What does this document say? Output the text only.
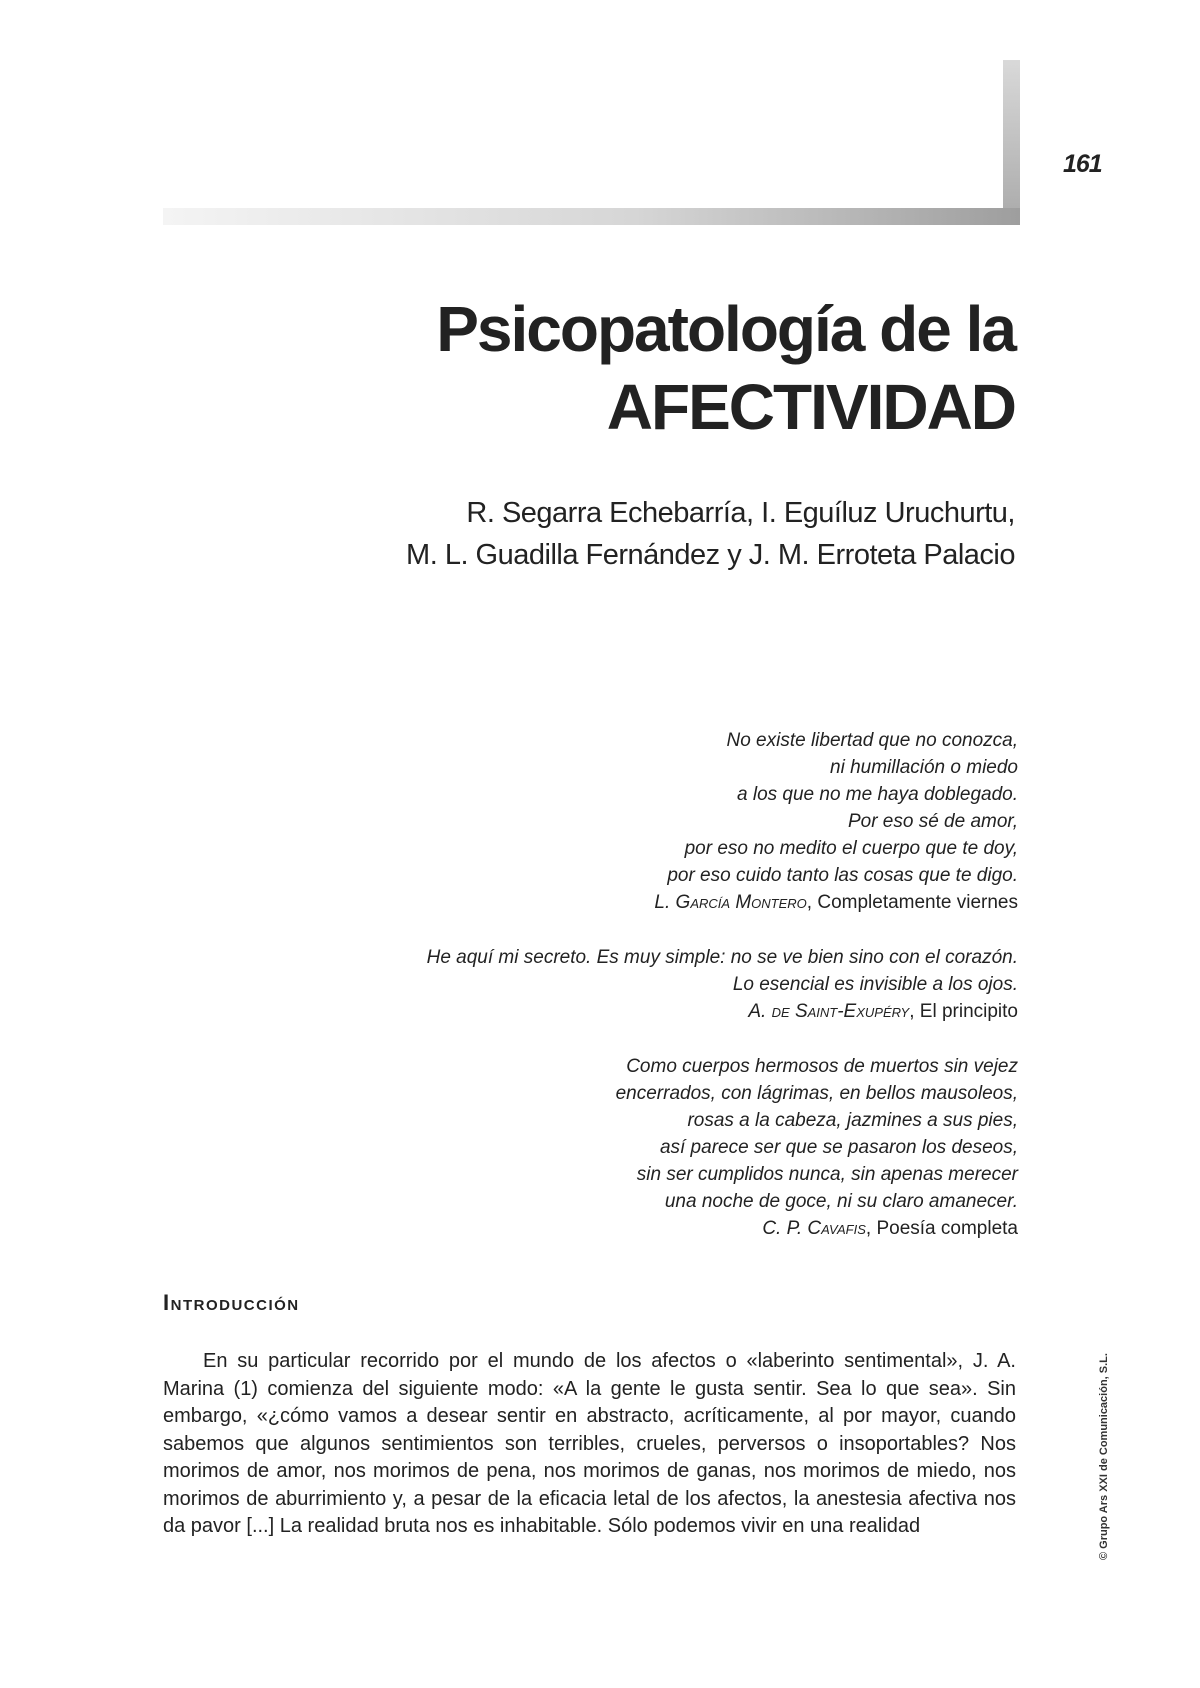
161
Psicopatología de la
AFECTIVIDAD
R. Segarra Echebarría, I. Eguíluz Uruchurtu,
M. L. Guadilla Fernández y J. M. Erroteta Palacio
No existe libertad que no conozca,
ni humillación o miedo
a los que no me haya doblegado.
Por eso sé de amor,
por eso no medito el cuerpo que te doy,
por eso cuido tanto las cosas que te digo.
L. García Montero, Completamente viernes
He aquí mi secreto. Es muy simple: no se ve bien sino con el corazón.
Lo esencial es invisible a los ojos.
A. de Saint-Exupéry, El principito
Como cuerpos hermosos de muertos sin vejez
encerrados, con lágrimas, en bellos mausoleos,
rosas a la cabeza, jazmines a sus pies,
así parece ser que se pasaron los deseos,
sin ser cumplidos nunca, sin apenas merecer
una noche de goce, ni su claro amanecer.
C. P. Cavafis, Poesía completa
Introducción

En su particular recorrido por el mundo de los afectos o «laberinto sentimental», J. A. Marina (1) comienza del siguiente modo: «A la gente le gusta sentir. Sea lo que sea». Sin embargo, «¿cómo vamos a desear sentir en abstracto, acríticamente, al por mayor, cuando sabemos que algunos sentimientos son terribles, crueles, perversos o insoportables? Nos morimos de amor, nos morimos de pena, nos morimos de ganas, nos morimos de miedo, nos morimos de aburrimiento y, a pesar de la eficacia letal de los afectos, la anestesia afectiva nos da pavor [...] La realidad bruta nos es inhabitable. Sólo podemos vivir en una realidad	© Grupo Ars XXI de Comunicación, S.L.
